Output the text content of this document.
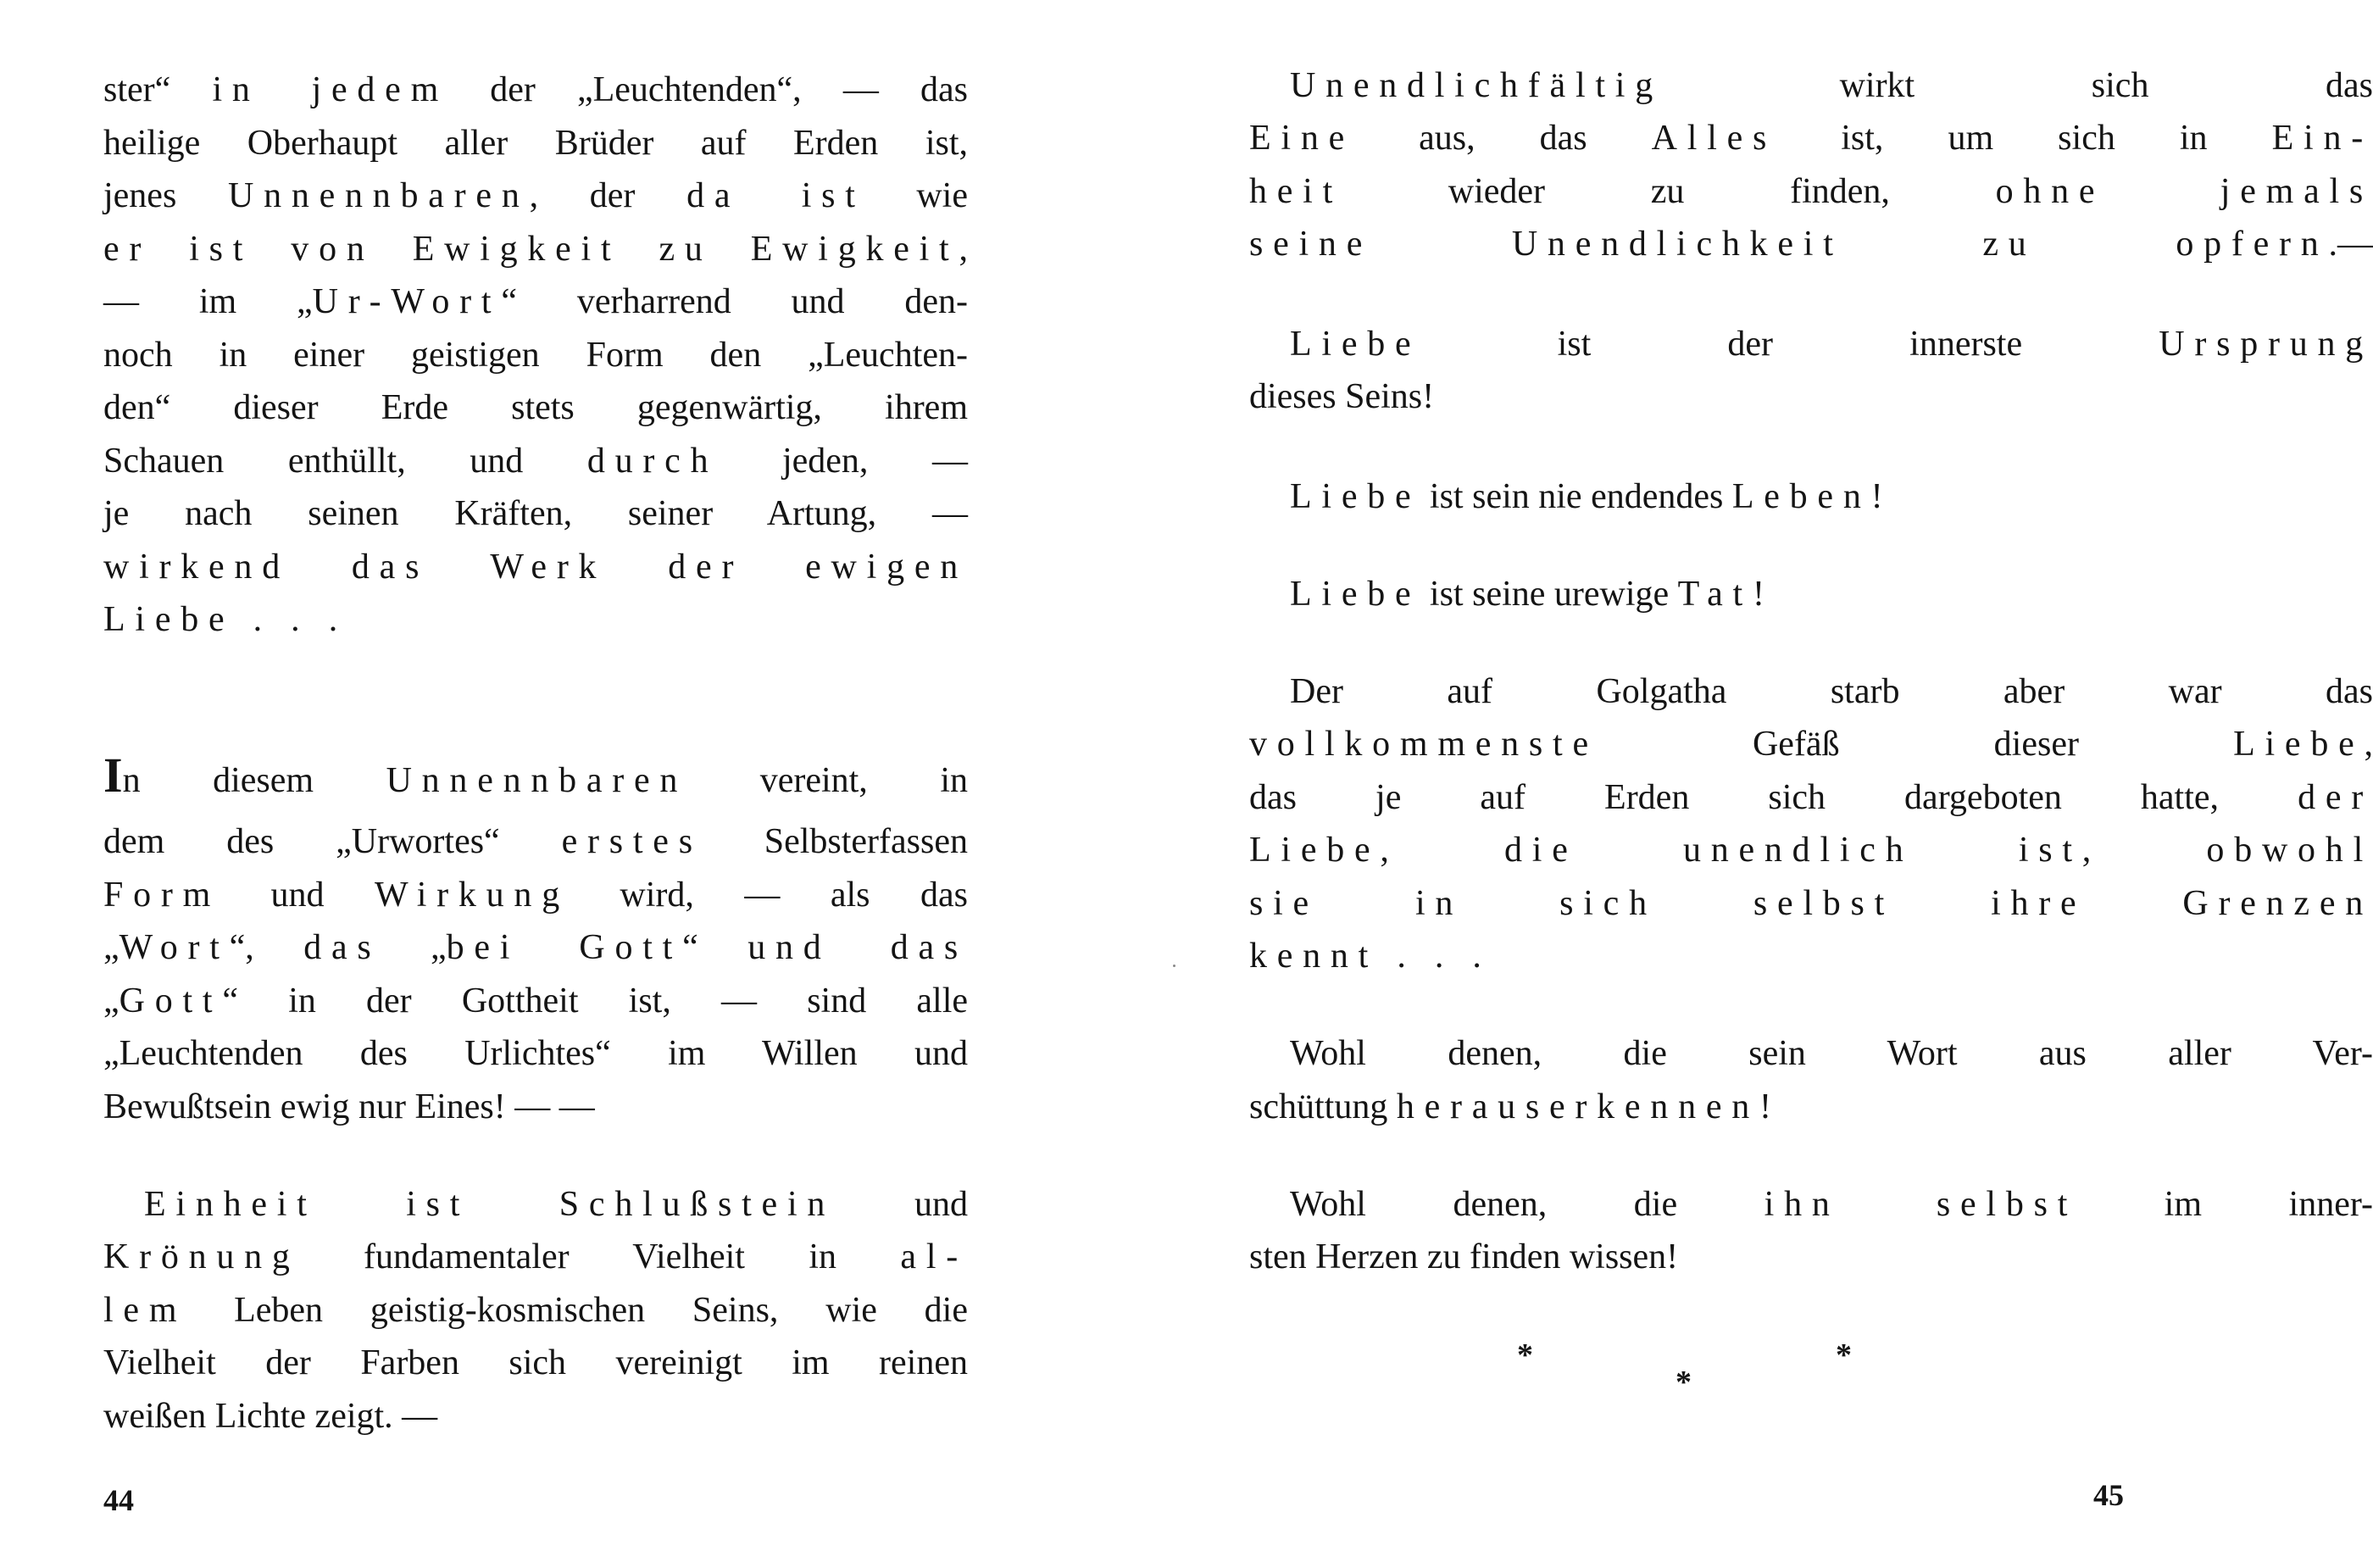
ster“ in jedem der „Leuchtenden“, — das
heilige Oberhaupt aller Brüder auf Erden ist,
jenes Unnennbaren, der da ist wie
er ist von Ewigkeit zu Ewigkeit,
— im „Ur-Wort“ verharrend und den-
noch in einer geistigen Form den „Leuchten-
den“ dieser Erde stets gegenwärtig, ihrem
Schauen enthüllt, und durch jeden, —
je nach seinen Kräften, seiner Artung, —
wirkend das Werk der ewigen
Liebe . . .
In diesem Unnennbaren vereint, in
dem des „Urwortes“ erstes Selbsterfassen
Form und Wirkung wird, — als das
„Wort“, das „bei Gott“ und das
„Gott“ in der Gottheit ist, — sind alle
„Leuchtenden des Urlichtes“ im Willen und
Bewußtsein ewig nur Eines! — —
Einheit ist Schlußstein und
Krönung fundamentaler Vielheit in al-
lem Leben geistig-kosmischen Seins, wie die
Vielheit der Farben sich vereinigt im reinen
weißen Lichte zeigt. —
44
Unendlichfältig wirkt sich das
Eine aus, das Alles ist, um sich in Ein-
heit wieder zu finden, ohne jemals
seine Unendlichkeit zu opfern.—
Liebe ist der innerste Ursprung
dieses Seins!
Liebe ist sein nie endendes Leben!
Liebe ist seine urewige Tat!
Der auf Golgatha starb aber war das
vollkommenste Gefäß dieser Liebe,
das je auf Erden sich dargeboten hatte, der
Liebe, die unendlich ist, obwohl
sie in sich selbst ihre Grenzen
kennt . . .
Wohl denen, die sein Wort aus aller Ver-
schüttung herauserkennen!
Wohl denen, die ihn selbst im inner-
sten Herzen zu finden wissen!
*
*
*
45
